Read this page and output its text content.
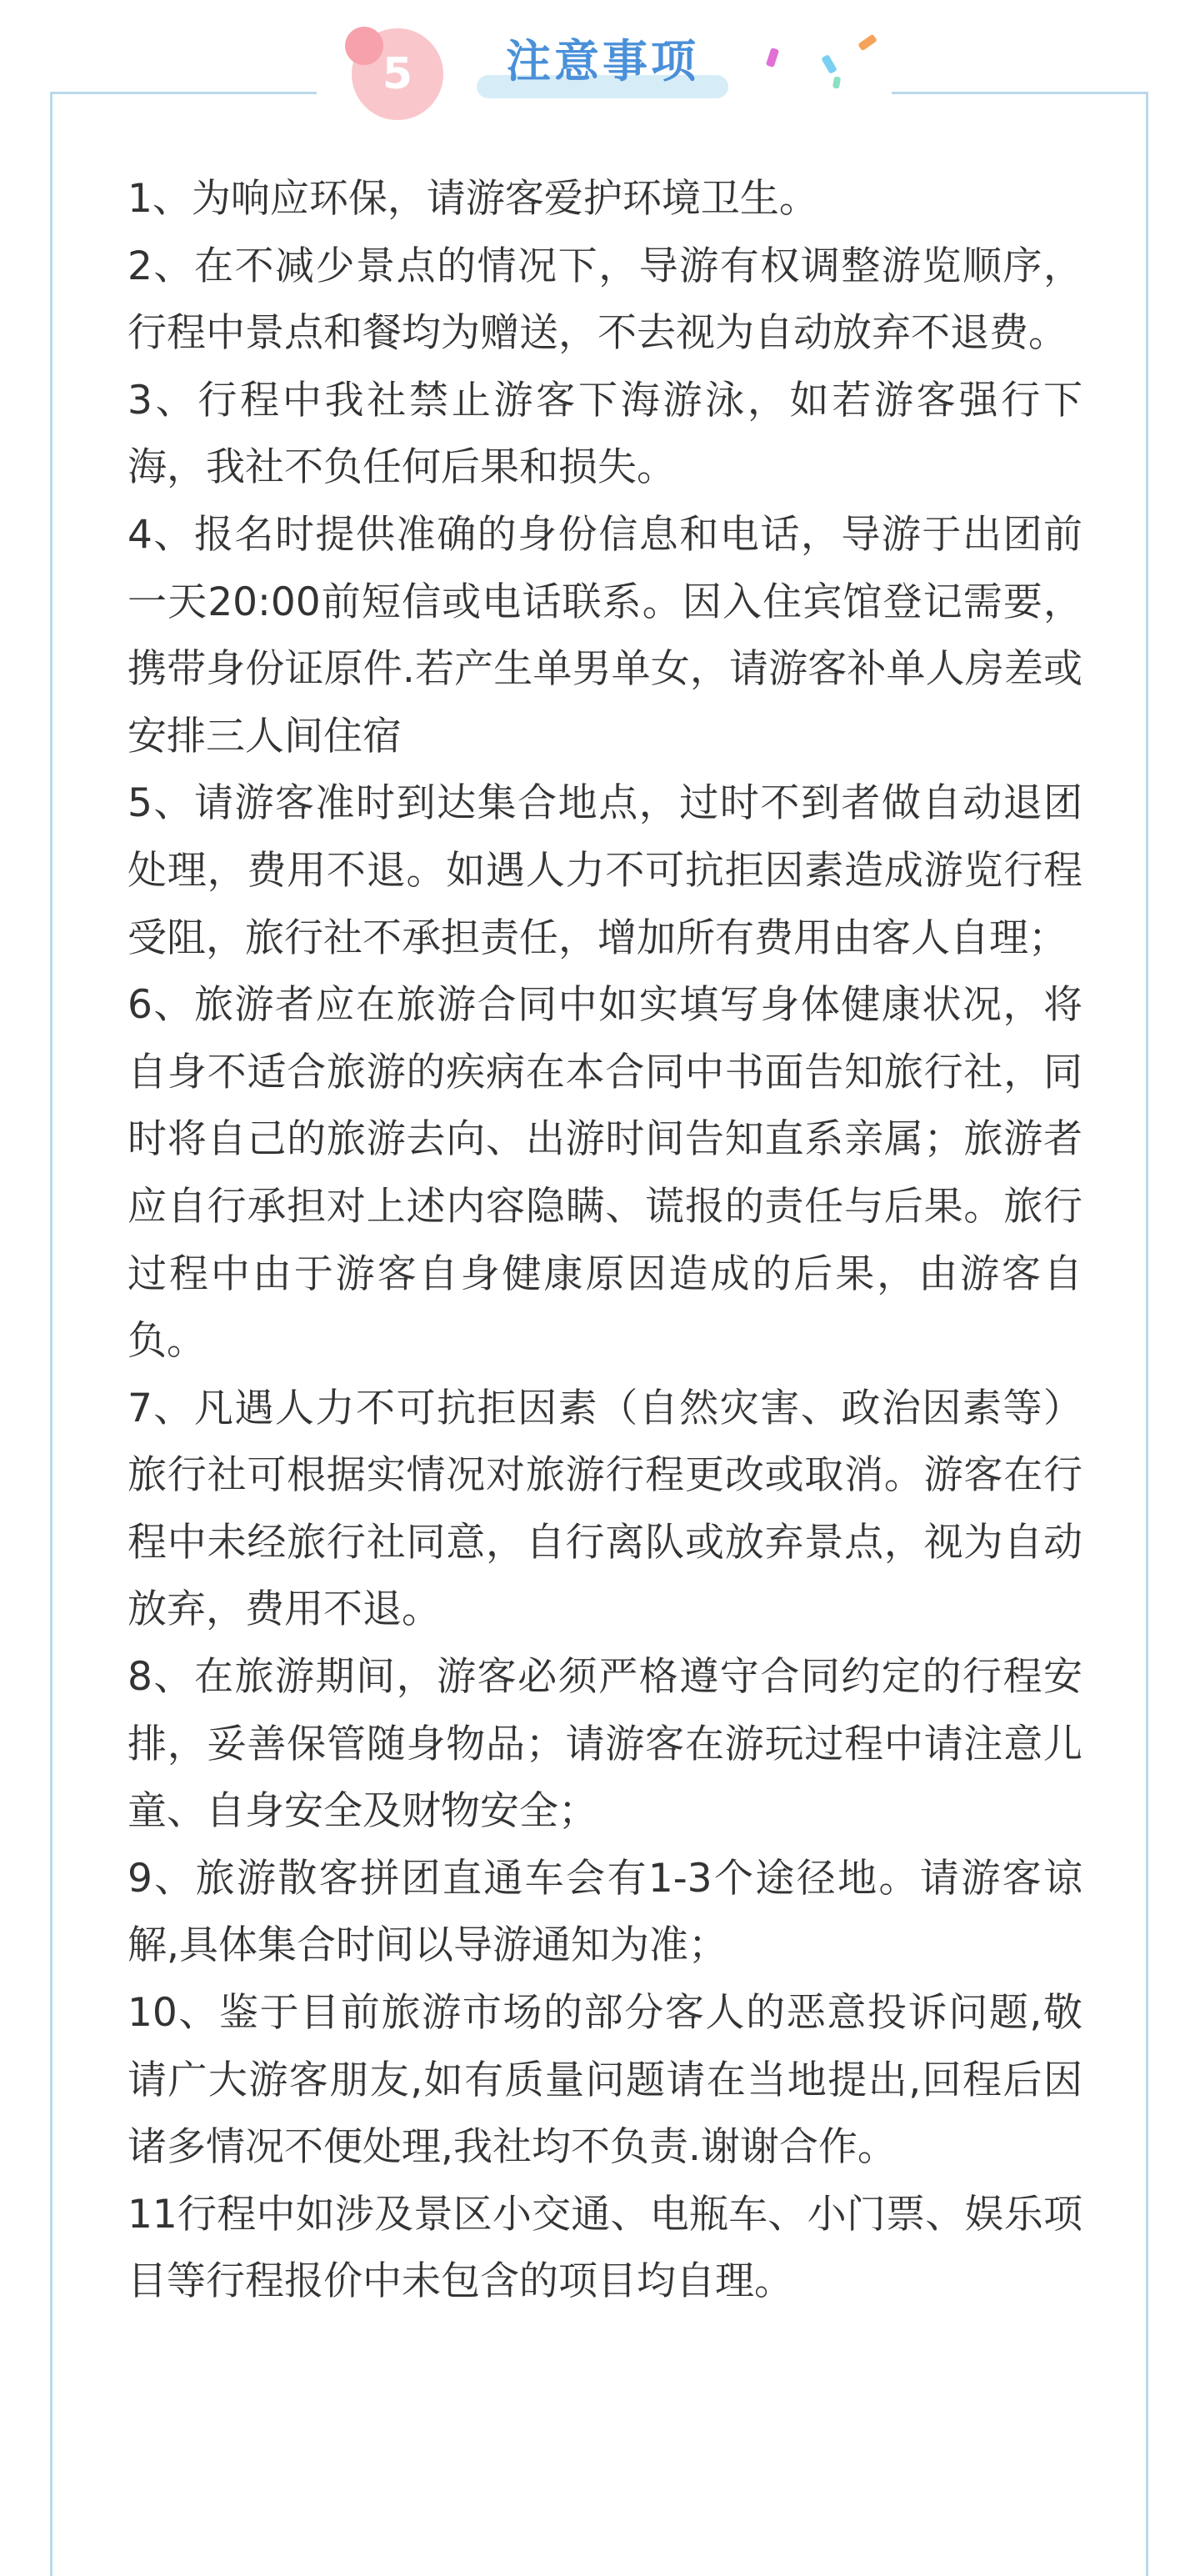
5	注意事项

1、为响应环保，请游客爱护环境卫生。

2、在不减少景点的情况下，导游有权调整游览顺序，行程中景点和餐均为赠送，不去视为自动放弃不退费。

3、行程中我社禁止游客下海游泳，如若游客强行下海，我社不负任何后果和损失。

4、报名时提供准确的身份信息和电话，导游于出团前一天20:00前短信或电话联系。因入住宾馆登记需要，携带身份证原件.若产生单男单女，请游客补单人房差或安排三人间住宿

5、请游客准时到达集合地点，过时不到者做自动退团处理，费用不退。如遇人力不可抗拒因素造成游览行程受阻，旅行社不承担责任，增加所有费用由客人自理；

6、旅游者应在旅游合同中如实填写身体健康状况，将自身不适合旅游的疾病在本合同中书面告知旅行社，同时将自己的旅游去向、出游时间告知直系亲属；旅游者应自行承担对上述内容隐瞒、谎报的责任与后果。旅行过程中由于游客自身健康原因造成的后果，由游客自负。

7、凡遇人力不可抗拒因素（自然灾害、政治因素等）旅行社可根据实情况对旅游行程更改或取消。游客在行程中未经旅行社同意，自行离队或放弃景点，视为自动放弃，费用不退。

8、在旅游期间，游客必须严格遵守合同约定的行程安排，妥善保管随身物品；请游客在游玩过程中请注意儿童、自身安全及财物安全；

9、旅游散客拼团直通车会有1-3个途径地。请游客谅解,具体集合时间以导游通知为准；

10、鉴于目前旅游市场的部分客人的恶意投诉问题,敬请广大游客朋友,如有质量问题请在当地提出,回程后因诸多情况不便处理,我社均不负责.谢谢合作。

11行程中如涉及景区小交通、电瓶车、小门票、娱乐项目等行程报价中未包含的项目均自理。
